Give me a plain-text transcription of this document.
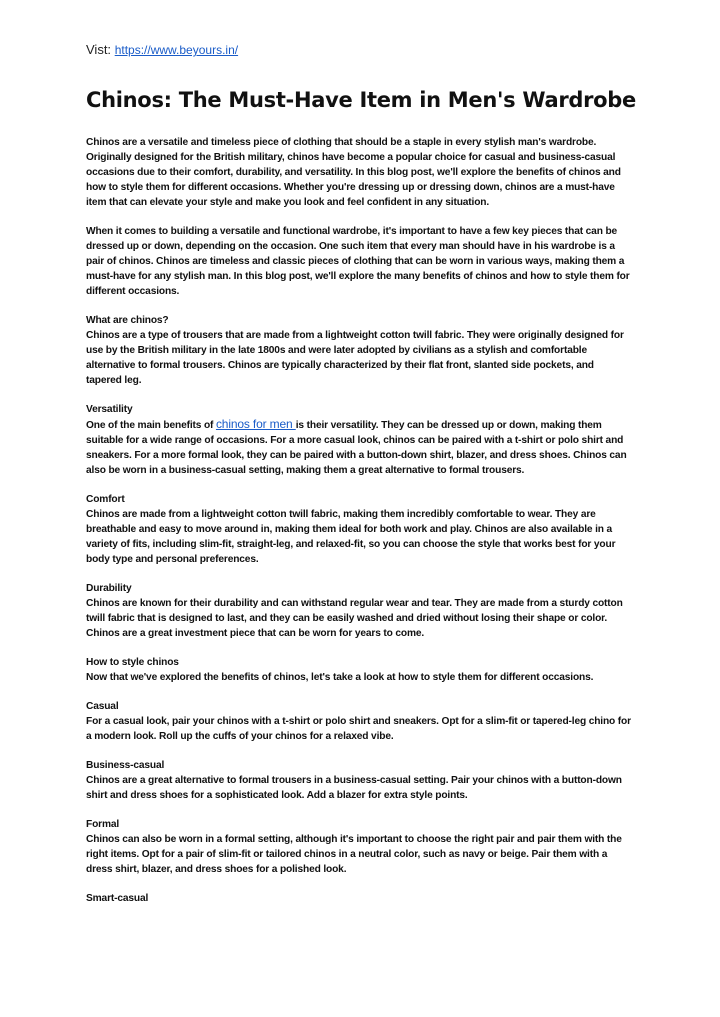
Vist: https://www.beyours.in/
Chinos: The Must-Have Item in Men's Wardrobe

Chinos are a versatile and timeless piece of clothing that should be a staple in every stylish man's wardrobe. Originally designed for the British military, chinos have become a popular choice for casual and business-casual occasions due to their comfort, durability, and versatility. In this blog post, we'll explore the benefits of chinos and how to style them for different occasions. Whether you're dressing up or dressing down, chinos are a must-have item that can elevate your style and make you look and feel confident in any situation.

When it comes to building a versatile and functional wardrobe, it's important to have a few key pieces that can be dressed up or down, depending on the occasion. One such item that every man should have in his wardrobe is a pair of chinos. Chinos are timeless and classic pieces of clothing that can be worn in various ways, making them a must-have for any stylish man. In this blog post, we'll explore the many benefits of chinos and how to style them for different occasions.

What are chinos?

Chinos are a type of trousers that are made from a lightweight cotton twill fabric. They were originally designed for use by the British military in the late 1800s and were later adopted by civilians as a stylish and comfortable alternative to formal trousers. Chinos are typically characterized by their flat front, slanted side pockets, and tapered leg.

Versatility

One of the main benefits of chinos for men is their versatility. They can be dressed up or down, making them suitable for a wide range of occasions. For a more casual look, chinos can be paired with a t-shirt or polo shirt and sneakers. For a more formal look, they can be paired with a button-down shirt, blazer, and dress shoes. Chinos can also be worn in a business-casual setting, making them a great alternative to formal trousers.

Comfort

Chinos are made from a lightweight cotton twill fabric, making them incredibly comfortable to wear. They are breathable and easy to move around in, making them ideal for both work and play. Chinos are also available in a variety of fits, including slim-fit, straight-leg, and relaxed-fit, so you can choose the style that works best for your body type and personal preferences.

Durability

Chinos are known for their durability and can withstand regular wear and tear. They are made from a sturdy cotton twill fabric that is designed to last, and they can be easily washed and dried without losing their shape or color. Chinos are a great investment piece that can be worn for years to come.

How to style chinos

Now that we've explored the benefits of chinos, let's take a look at how to style them for different occasions.

Casual

For a casual look, pair your chinos with a t-shirt or polo shirt and sneakers. Opt for a slim-fit or tapered-leg chino for a modern look. Roll up the cuffs of your chinos for a relaxed vibe.

Business-casual

Chinos are a great alternative to formal trousers in a business-casual setting. Pair your chinos with a button-down shirt and dress shoes for a sophisticated look. Add a blazer for extra style points.

Formal

Chinos can also be worn in a formal setting, although it's important to choose the right pair and pair them with the right items. Opt for a pair of slim-fit or tailored chinos in a neutral color, such as navy or beige. Pair them with a dress shirt, blazer, and dress shoes for a polished look.

Smart-casual
